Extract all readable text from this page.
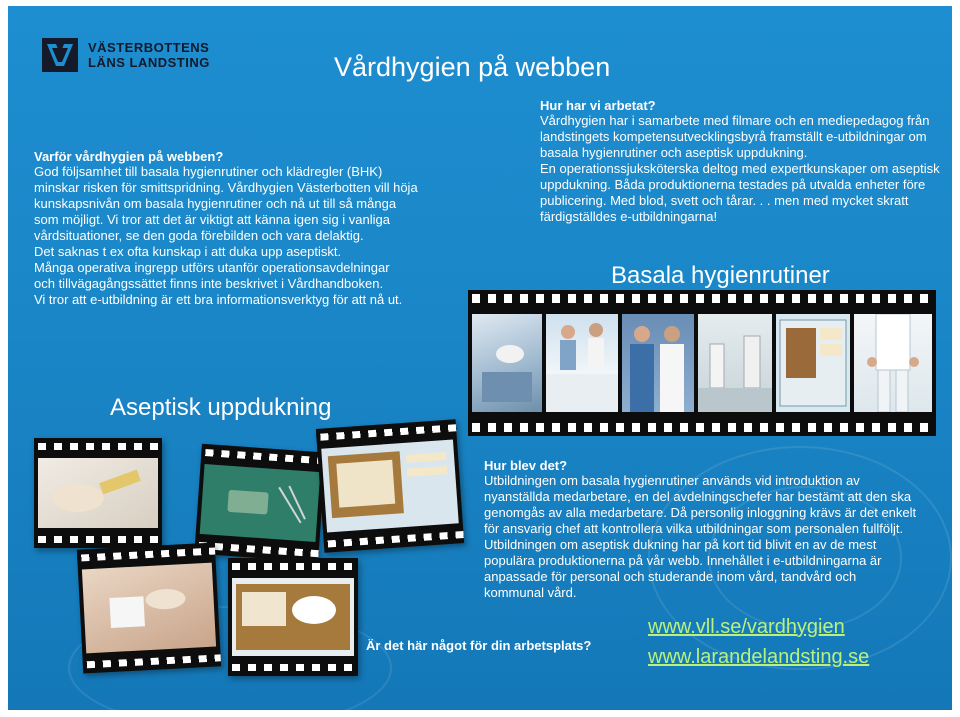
VÄSTERBOTTENS
LÄNS LANDSTING	Vårdhygien på webben
Varför vårdhygien på webben?
God följsamhet till basala hygienrutiner och klädregler (BHK)
minskar risken för smittspridning. Vårdhygien Västerbotten vill höja
kunskapsnivån om basala hygienrutiner och nå ut till så många
som möjligt. Vi tror att det är viktigt att känna igen sig i vanliga
vårdsituationer, se den goda förebilden och vara delaktig.
Det saknas t ex ofta kunskap i att duka upp aseptiskt.
Många operativa ingrepp utförs utanför operationsavdelningar
och tillvägagångssättet finns inte beskrivet i Vårdhandboken.
Vi tror att e-utbildning är ett bra informationsverktyg för att nå ut.
Hur har vi arbetat?
Vårdhygien har i samarbete med filmare och en mediepedagog från
landstingets kompetensutvecklingsbyrå framställt e-utbildningar om
basala hygienrutiner och aseptisk uppdukning.
En operationssjuksköterska deltog med expertkunskaper om aseptisk
uppdukning. Båda produktionerna testades på utvalda enheter före
publicering. Med blod, svett och tårar. . . men med mycket skratt
färdigställdes e-utbildningarna!
Basala hygienrutiner
Aseptisk uppdukning
Hur blev det?
Utbildningen om basala hygienrutiner används vid introduktion av
nyanställda medarbetare, en del avdelningschefer har bestämt att den ska
genomgås av alla medarbetare. Då personlig inloggning krävs är det enkelt
för ansvarig chef att kontrollera vilka utbildningar som personalen fullföljt.
Utbildningen om aseptisk dukning har på kort tid blivit en av de mest
populära produktionerna på vår webb. Innehållet i e-utbildningarna är
anpassade för personal och studerande inom vård, tandvård och
kommunal vård.
Är det här något för din arbetsplats?
www.vll.se/vardhygien
www.larandelandsting.se
